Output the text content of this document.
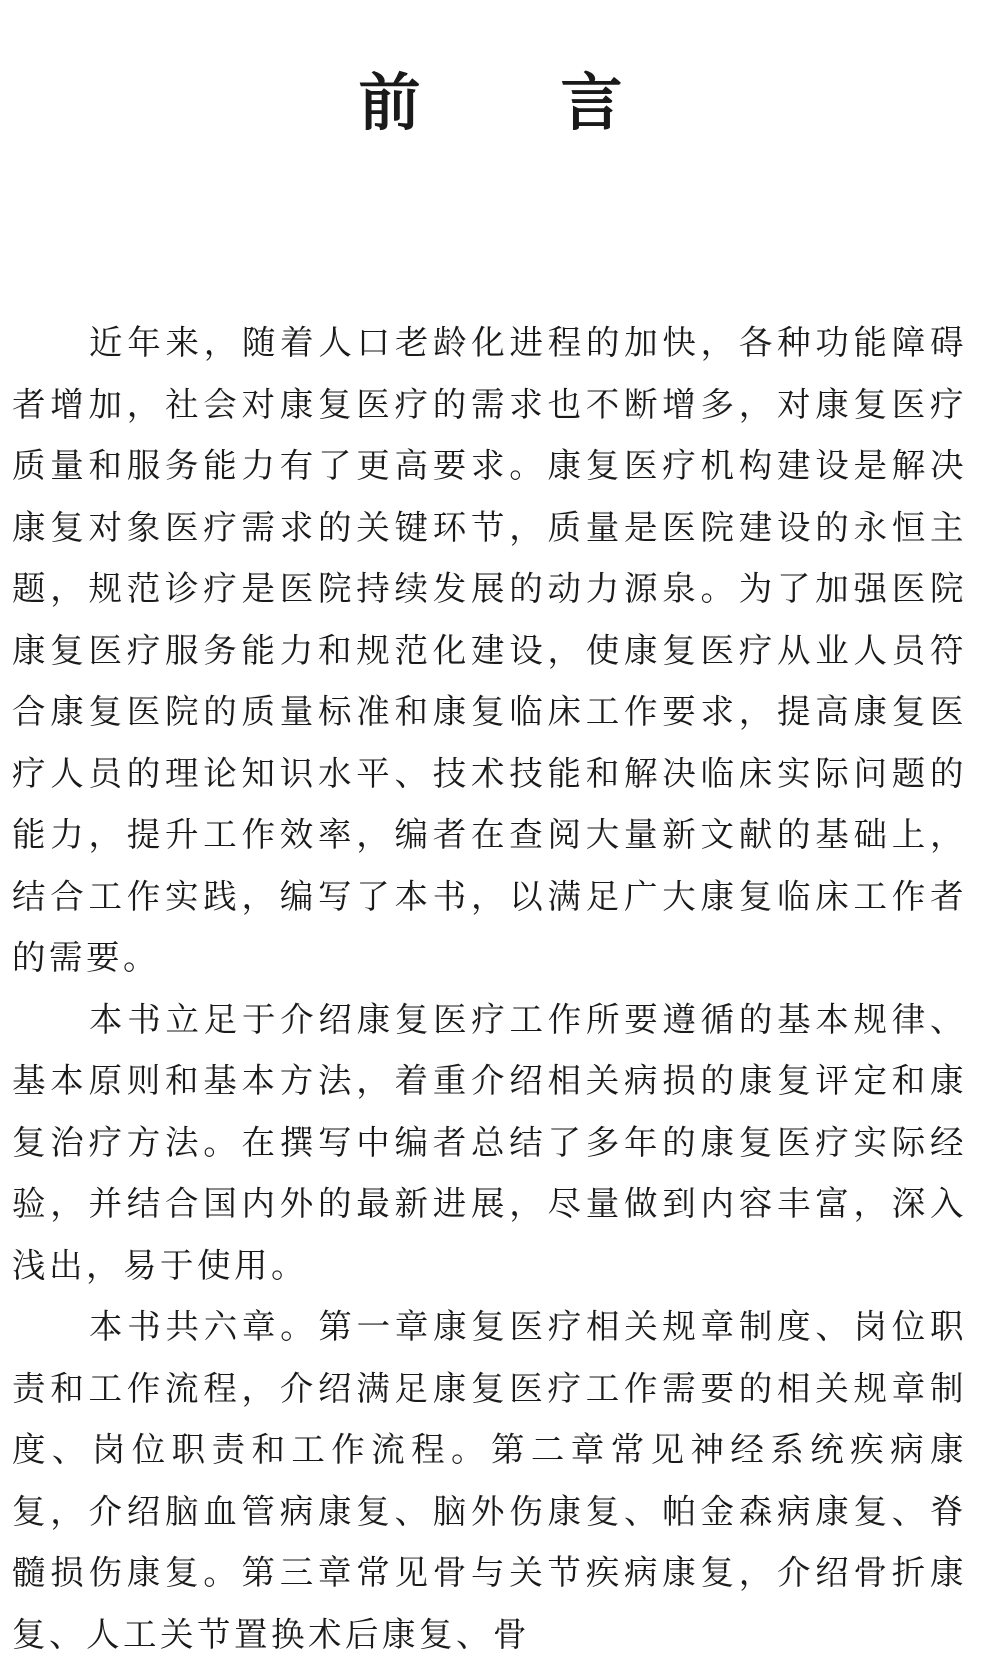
前 言

近年来，随着人口老龄化进程的加快，各种功能障碍者增加，社会对康复医疗的需求也不断增多，对康复医疗质量和服务能力有了更高要求。康复医疗机构建设是解决康复对象医疗需求的关键环节，质量是医院建设的永恒主题，规范诊疗是医院持续发展的动力源泉。为了加强医院康复医疗服务能力和规范化建设，使康复医疗从业人员符合康复医院的质量标准和康复临床工作要求，提高康复医疗人员的理论知识水平、技术技能和解决临床实际问题的能力，提升工作效率，编者在查阅大量新文献的基础上，结合工作实践，编写了本书，以满足广大康复临床工作者的需要。

本书立足于介绍康复医疗工作所要遵循的基本规律、基本原则和基本方法，着重介绍相关病损的康复评定和康复治疗方法。在撰写中编者总结了多年的康复医疗实际经验，并结合国内外的最新进展，尽量做到内容丰富，深入浅出，易于使用。

本书共六章。第一章康复医疗相关规章制度、岗位职责和工作流程，介绍满足康复医疗工作需要的相关规章制度、岗位职责和工作流程。第二章常见神经系统疾病康复，介绍脑血管病康复、脑外伤康复、帕金森病康复、脊髓损伤康复。第三章常见骨与关节疾病康复，介绍骨折康复、人工关节置换术后康复、骨
